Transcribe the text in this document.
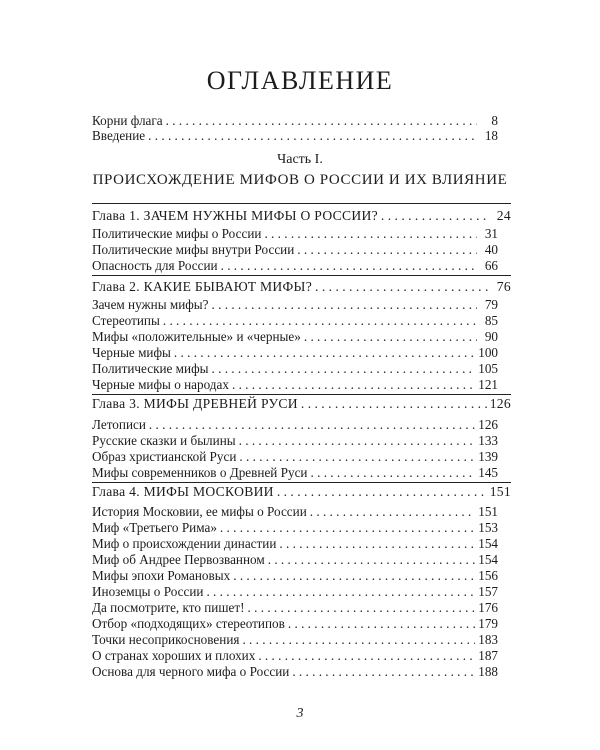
ОГЛАВЛЕНИЕ
Корни флага . . .	8
Введение . . .	18
Часть I.
ПРОИСХОЖДЕНИЕ МИФОВ О РОССИИ И ИХ ВЛИЯНИЕ
Глава 1. ЗАЧЕМ НУЖНЫ МИФЫ О РОССИИ? . . .	24
Политические мифы о России . . .	31
Политические мифы внутри России . . .	40
Опасность для России . . .	66
Глава 2. КАКИЕ БЫВАЮТ МИФЫ? . . .	76
Зачем нужны мифы? . . .	79
Стереотипы . . .	85
Мифы «положительные» и «черные» . . .	90
Черные мифы . . .	100
Политические мифы . . .	105
Черные мифы о народах . . .	121
Глава 3. МИФЫ ДРЕВНЕЙ РУСИ . . .	126
Летописи . . .	126
Русские сказки и былины . . .	133
Образ христианской Руси . . .	139
Мифы современников о Древней Руси . . .	145
Глава 4. МИФЫ МОСКОВИИ . . .	151
История Московии, ее мифы о России . . .	151
Миф «Третьего Рима» . . .	153
Миф о происхождении династии . . .	154
Миф об Андрее Первозванном . . .	154
Мифы эпохи Романовых . . .	156
Иноземцы о России . . .	157
Да посмотрите, кто пишет! . . .	176
Отбор «подходящих» стереотипов . . .	179
Точки несоприкосновения . . .	183
О странах хороших и плохих . . .	187
Основа для черного мифа о России . . .	188
3
